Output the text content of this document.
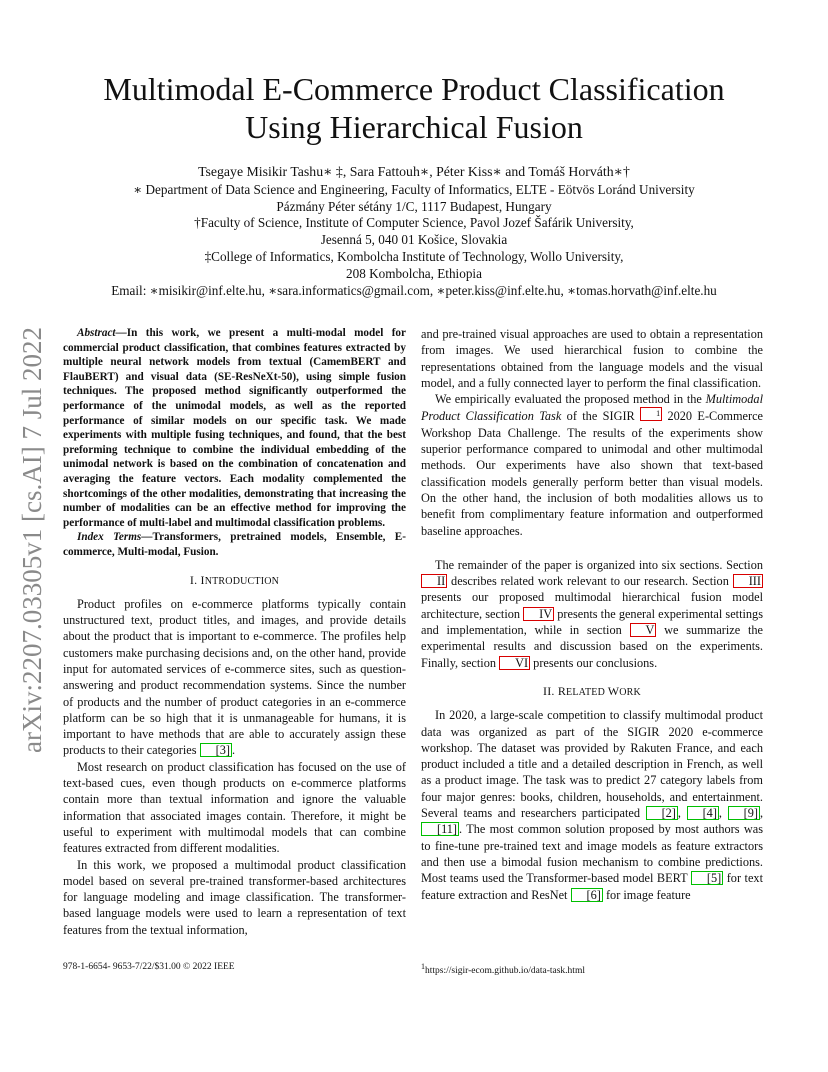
arXiv:2207.03305v1 [cs.AI] 7 Jul 2022
Multimodal E-Commerce Product Classification
Using Hierarchical Fusion
Tsegaye Misikir Tashu∗ ‡, Sara Fattouh∗, Péter Kiss∗ and Tomáš Horváth∗†
∗ Department of Data Science and Engineering, Faculty of Informatics, ELTE - Eötvös Loránd University
Pázmány Péter sétány 1/C, 1117 Budapest, Hungary
†Faculty of Science, Institute of Computer Science, Pavol Jozef Šafárik University,
Jesenná 5, 040 01 Košice, Slovakia
‡College of Informatics, Kombolcha Institute of Technology, Wollo University,
208 Kombolcha, Ethiopia
Email: ∗misikir@inf.elte.hu, ∗sara.informatics@gmail.com, ∗peter.kiss@inf.elte.hu, ∗tomas.horvath@inf.elte.hu

Abstract—In this work, we present a multi-modal model for commercial product classification, that combines features extracted by multiple neural network models from textual (CamemBERT and FlauBERT) and visual data (SE-ResNeXt-50), using simple fusion techniques. The proposed method significantly outperformed the performance of the unimodal models, as well as the reported performance of similar models on our specific task. We made experiments with multiple fusing techniques, and found, that the best preforming technique to combine the individual embedding of the unimodal network is based on the combination of concatenation and averaging the feature vectors. Each modality complemented the shortcomings of the other modalities, demonstrating that increasing the number of modalities can be an effective method for improving the performance of multi-label and multimodal classification problems.

Index Terms—Transformers, pretrained models, Ensemble, E-commerce, Multi-modal, Fusion.

I. INTRODUCTION

Product profiles on e-commerce platforms typically contain unstructured text, product titles, and images, and provide details about the product that is important to e-commerce. The profiles help customers make purchasing decisions and, on the other hand, provide input for automated services of e-commerce sites, such as question-answering and product recommendation systems. Since the number of products and the number of product categories in an e-commerce platform can be so high that it is unmanageable for humans, it is important to have methods that are able to accurately assign these products to their categories [3] .

Most research on product classification has focused on the use of text-based cues, even though products on e-commerce platforms contain more than textual information and ignore the valuable information that associated images contain. Therefore, it might be useful to experiment with multimodal models that can combine features extracted from different modalities.

In this work, we proposed a multimodal product classification model based on several pre-trained transformer-based architectures for language modeling and image classification. The transformer-based language models were used to learn a representation of text features from the textual information,

and pre-trained visual approaches are used to obtain a representation from images. We used hierarchical fusion to combine the representations obtained from the language models and the visual model, and a fully connected layer to perform the final classification.

We empirically evaluated the proposed method in the Multimodal Product Classification Task of the SIGIR 1 2020 E-Commerce Workshop Data Challenge. The results of the experiments show superior performance compared to unimodal and other multimodal methods. Our experiments have also shown that text-based classification models generally perform better than visual models. On the other hand, the inclusion of both modalities allows us to benefit from complimentary feature information and outperformed baseline approaches.

The remainder of the paper is organized into six sections. Section II describes related work relevant to our research. Section III presents our proposed multimodal hierarchical fusion model architecture, section IV presents the general experimental settings and implementation, while in section V we summarize the experimental results and discussion based on the experiments. Finally, section VI presents our conclusions.

II. RELATED WORK

In 2020, a large-scale competition to classify multimodal product data was organized as part of the SIGIR 2020 e-commerce workshop. The dataset was provided by Rakuten France, and each product included a title and a detailed description in French, as well as a product image. The task was to predict 27 category labels from four major genres: books, children, households, and entertainment. Several teams and researchers participated [2] , [4] , [9] , [11] . The most common solution proposed by most authors was to fine-tune pre-trained text and image models as feature extractors and then use a bimodal fusion mechanism to combine predictions. Most teams used the Transformer-based model BERT [5] for text feature extraction and ResNet [6] for image feature

978-1-6654- 9653-7/22/$31.00 © 2022 IEEE	$^1$https://sigir-ecom.github.io/data-task.html
